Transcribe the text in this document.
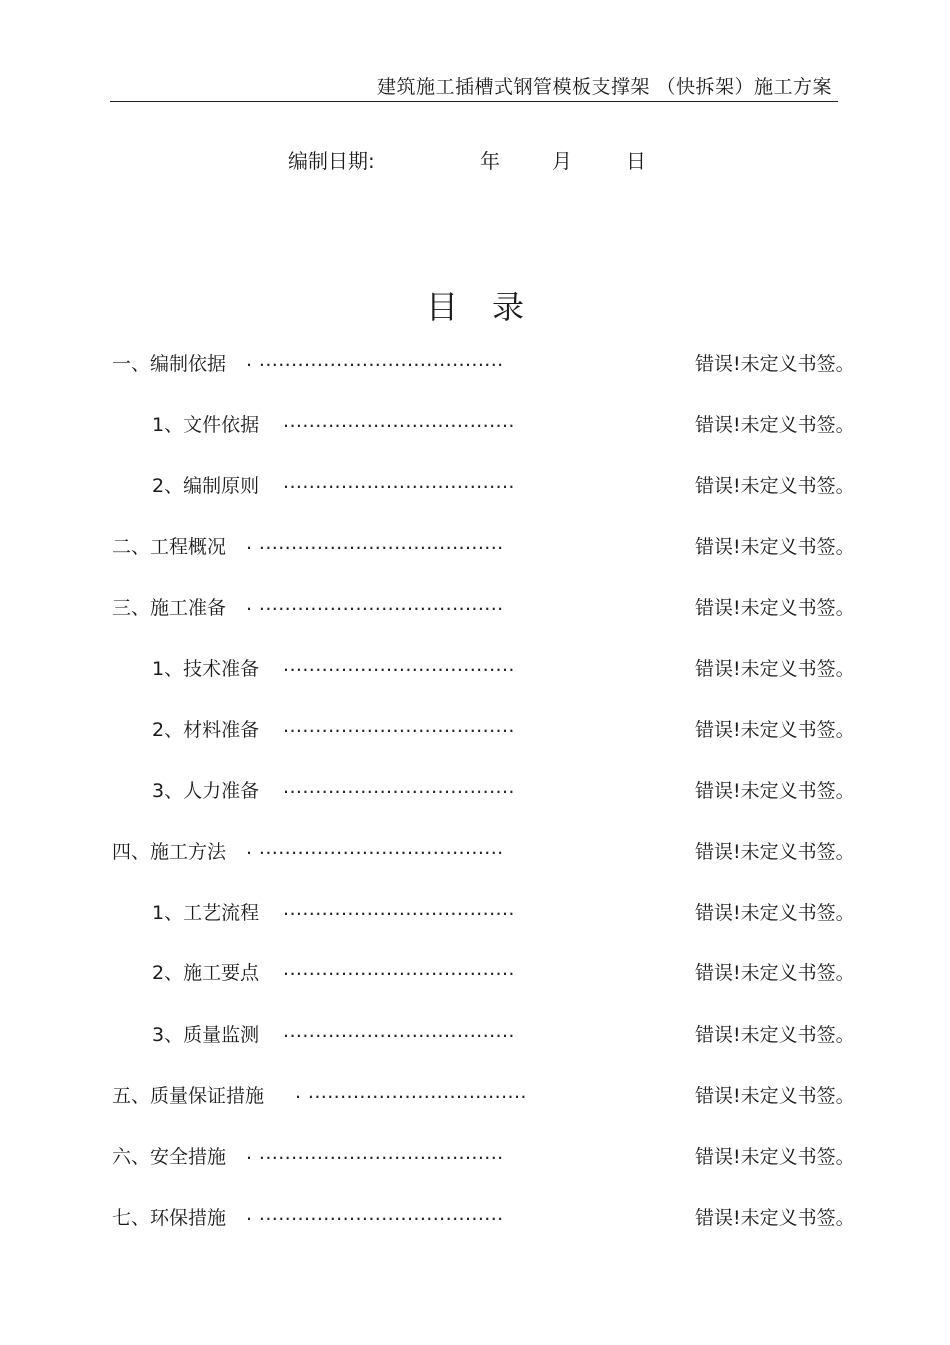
建筑施工插槽式钢管模板支撑架 （快拆架）施工方案
编制日期:	年	月	日
目录
一、编制依据 . ......................................	错误!未定义书签。
1、文件依据 ....................................	错误!未定义书签。
2、编制原则 ....................................	错误!未定义书签。
二、工程概况 . ......................................	错误!未定义书签。
三、施工准备 . ......................................	错误!未定义书签。
1、技术准备 ....................................	错误!未定义书签。
2、材料准备 ....................................	错误!未定义书签。
3、人力准备 ....................................	错误!未定义书签。
四、施工方法 . ......................................	错误!未定义书签。
1、工艺流程 ....................................	错误!未定义书签。
2、施工要点 ....................................	错误!未定义书签。
3、质量监测 ....................................	错误!未定义书签。
五、质量保证措施 . ..................................	错误!未定义书签。
六、安全措施 . ......................................	错误!未定义书签。
七、环保措施 . ......................................	错误!未定义书签。
